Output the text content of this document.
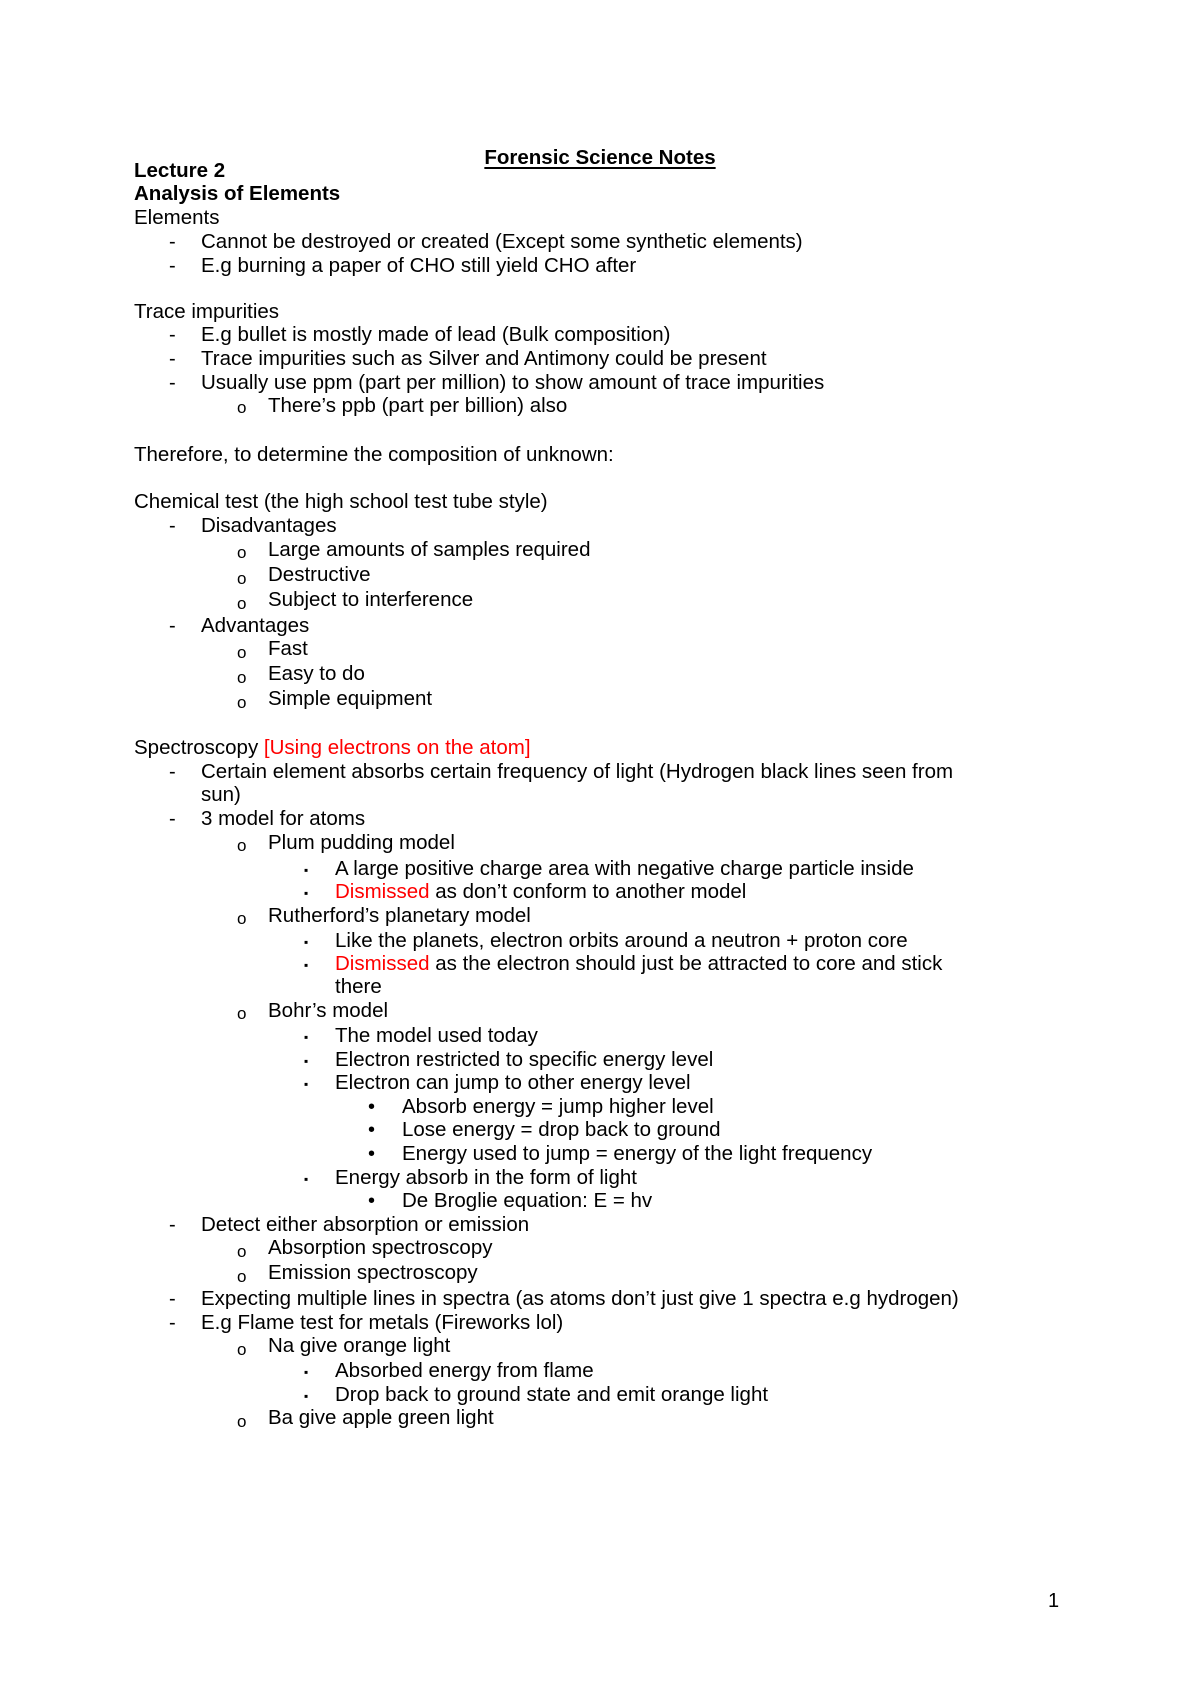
Forensic Science Notes
Lecture 2
Analysis of Elements
Elements
- Cannot be destroyed or created (Except some synthetic elements)
- E.g burning a paper of CHO still yield CHO after
Trace impurities
- E.g bullet is mostly made of lead (Bulk composition)
- Trace impurities such as Silver and Antimony could be present
- Usually use ppm (part per million) to show amount of trace impurities
o There’s ppb (part per billion) also
Therefore, to determine the composition of unknown:
Chemical test (the high school test tube style)
- Disadvantages
o Large amounts of samples required
o Destructive
o Subject to interference
- Advantages
o Fast
o Easy to do
o Simple equipment
Spectroscopy [Using electrons on the atom]
- Certain element absorbs certain frequency of light (Hydrogen black lines seen from
sun)
- 3 model for atoms
o Plum pudding model
▪ A large positive charge area with negative charge particle inside
▪ Dismissed as don’t conform to another model
o Rutherford’s planetary model
▪ Like the planets, electron orbits around a neutron + proton core
▪ Dismissed as the electron should just be attracted to core and stick
there
o Bohr’s model
▪ The model used today
▪ Electron restricted to specific energy level
▪ Electron can jump to other energy level
• Absorb energy = jump higher level
• Lose energy = drop back to ground
• Energy used to jump = energy of the light frequency
▪ Energy absorb in the form of light
• De Broglie equation: E = hv
- Detect either absorption or emission
o Absorption spectroscopy
o Emission spectroscopy
- Expecting multiple lines in spectra (as atoms don’t just give 1 spectra e.g hydrogen)
- E.g Flame test for metals (Fireworks lol)
o Na give orange light
▪ Absorbed energy from flame
▪ Drop back to ground state and emit orange light
o Ba give apple green light
1
